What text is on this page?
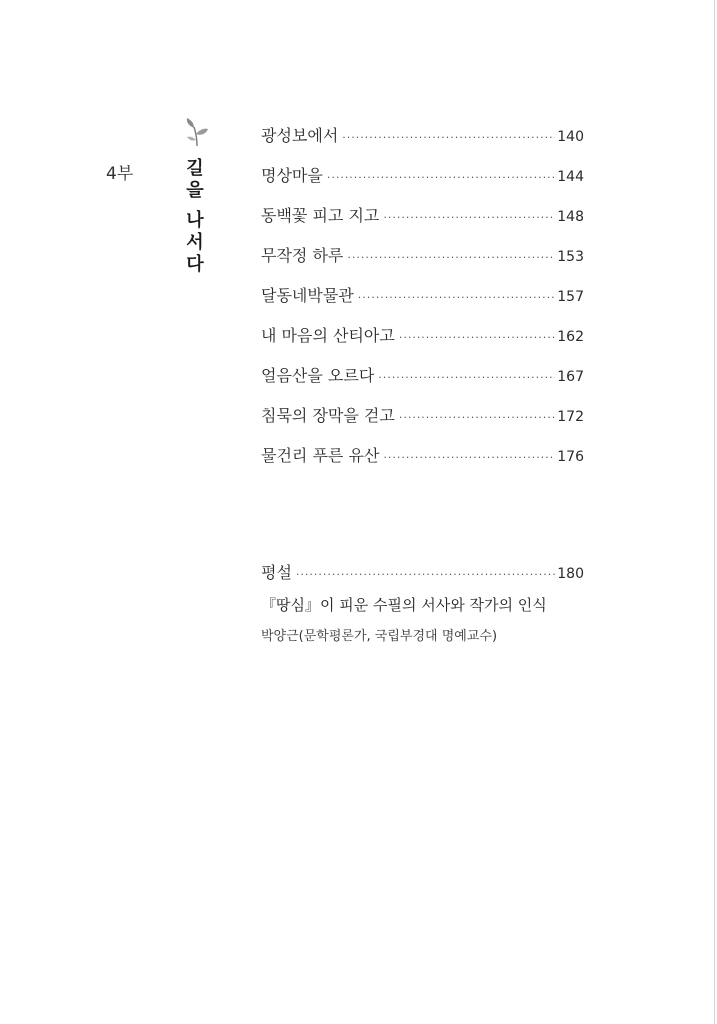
4부	길
을
나
서
다
광성보에서 ·····	140
명상마을 ·····	144
동백꽃 피고 지고 ·····	148
무작정 하루 ·····	153
달동네박물관 ·····	157
내 마음의 산티아고 ·····	162
얼음산을 오르다 ·····	167
침묵의 장막을 걷고 ·····	172
물건리 푸른 유산 ·····	176
평설 ·····	180
『땅심』이 피운 수필의 서사와 작가의 인식
박양근(문학평론가, 국립부경대 명예교수)
